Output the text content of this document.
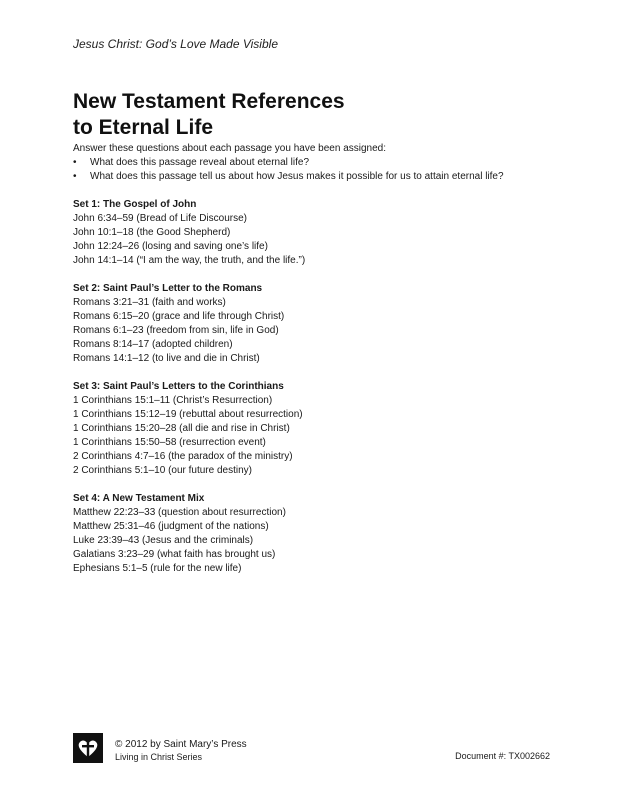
Jesus Christ: God’s Love Made Visible
New Testament References
to Eternal Life
Answer these questions about each passage you have been assigned:
• What does this passage reveal about eternal life?
• What does this passage tell us about how Jesus makes it possible for us to attain eternal life?
Set 1: The Gospel of John
John 6:34–59 (Bread of Life Discourse)
John 10:1–18 (the Good Shepherd)
John 12:24–26 (losing and saving one’s life)
John 14:1–14 (“I am the way, the truth, and the life.”)
Set 2: Saint Paul’s Letter to the Romans
Romans 3:21–31 (faith and works)
Romans 6:15–20 (grace and life through Christ)
Romans 6:1–23 (freedom from sin, life in God)
Romans 8:14–17 (adopted children)
Romans 14:1–12 (to live and die in Christ)
Set 3: Saint Paul’s Letters to the Corinthians
1 Corinthians 15:1–11 (Christ’s Resurrection)
1 Corinthians 15:12–19 (rebuttal about resurrection)
1 Corinthians 15:20–28 (all die and rise in Christ)
1 Corinthians 15:50–58 (resurrection event)
2 Corinthians 4:7–16 (the paradox of the ministry)
2 Corinthians 5:1–10 (our future destiny)
Set 4: A New Testament Mix
Matthew 22:23–33 (question about resurrection)
Matthew 25:31–46 (judgment of the nations)
Luke 23:39–43 (Jesus and the criminals)
Galatians 3:23–29 (what faith has brought us)
Ephesians 5:1–5 (rule for the new life)
© 2012 by Saint Mary’s Press
Living in Christ Series	Document #: TX002662
